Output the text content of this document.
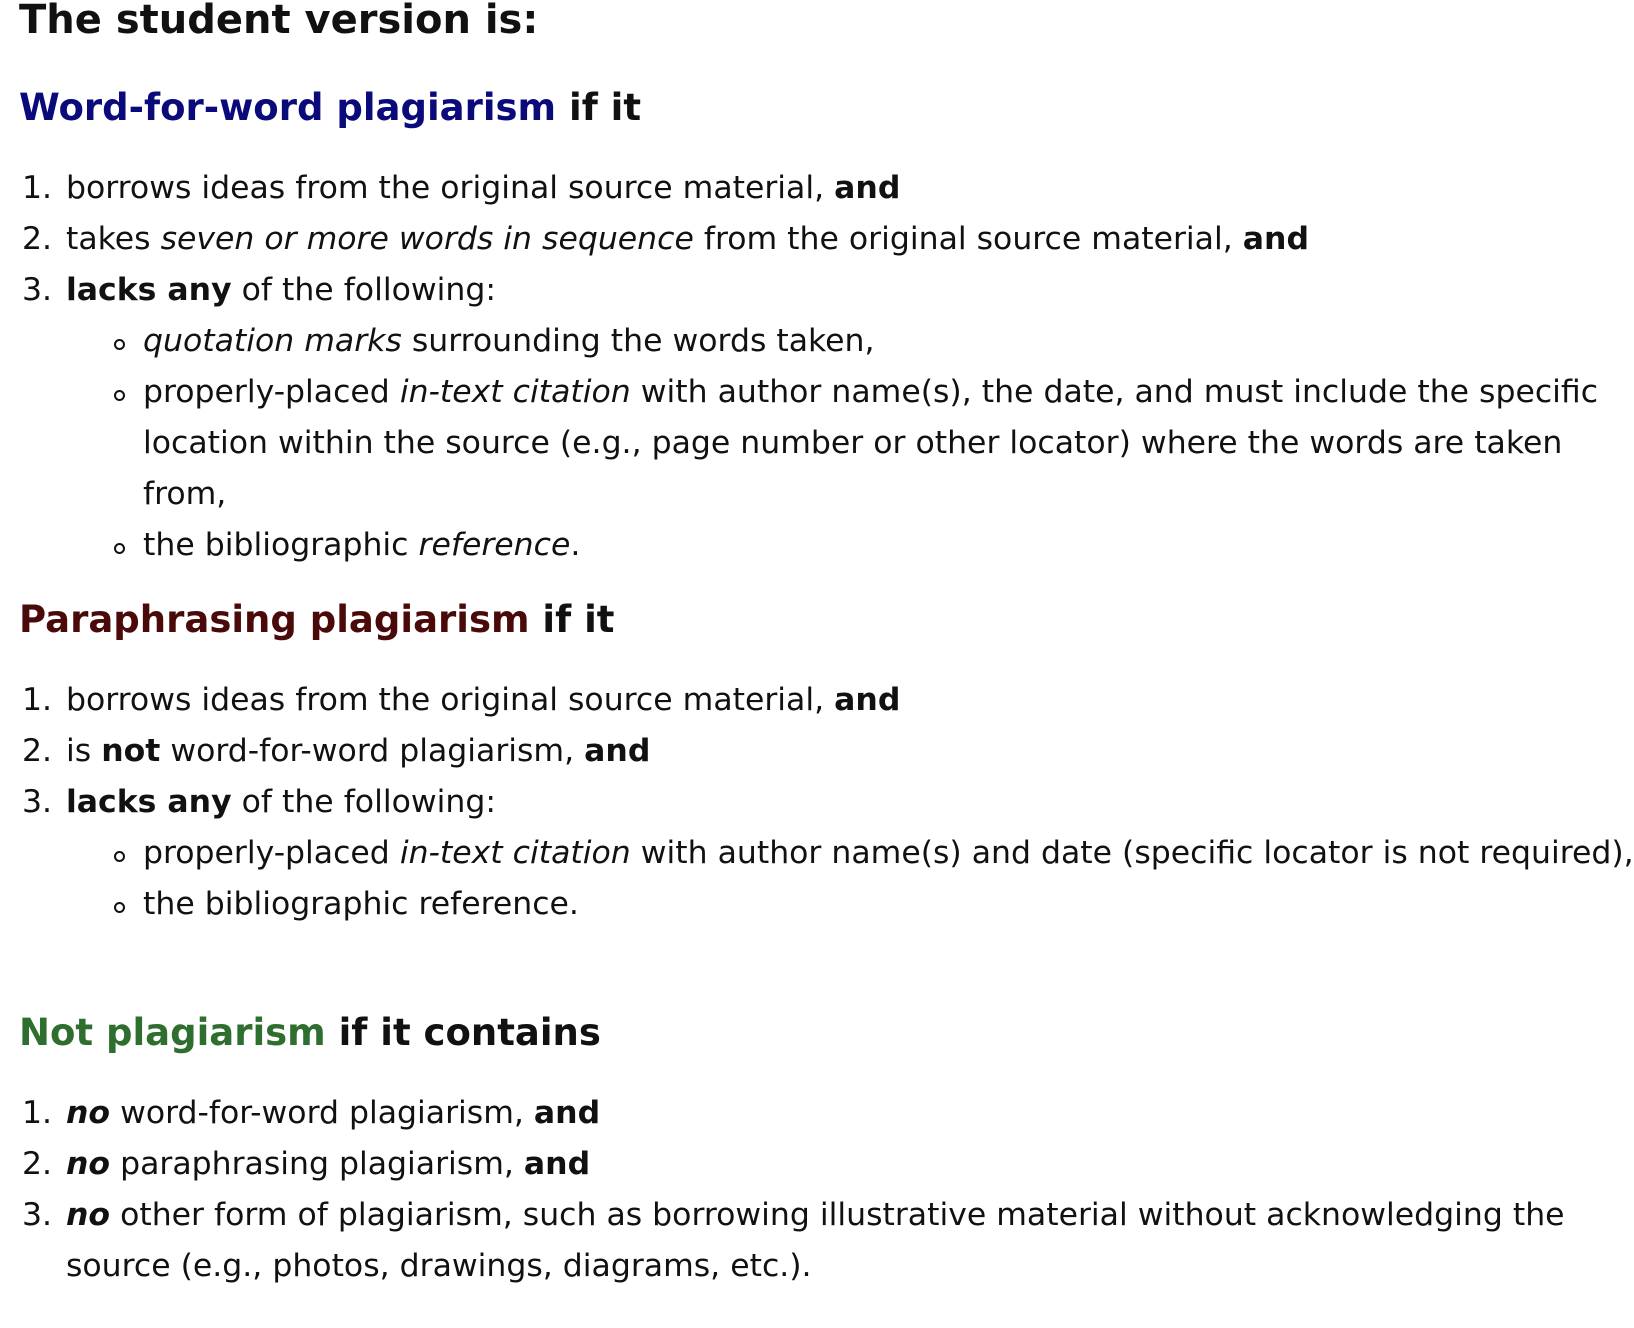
The student version is:
Word-for-word plagiarism if it
1. borrows ideas from the original source material, and
2. takes seven or more words in sequence from the original source material, and
3. lacks any of the following:
quotation marks surrounding the words taken,
properly-placed in-text citation with author name(s), the date, and must include the specific location within the source (e.g., page number or other locator) where the words are taken from,
the bibliographic reference.
Paraphrasing plagiarism if it
1. borrows ideas from the original source material, and
2. is not word-for-word plagiarism, and
3. lacks any of the following:
properly-placed in-text citation with author name(s) and date (specific locator is not required),
the bibliographic reference.
Not plagiarism if it contains
1. no word-for-word plagiarism, and
2. no paraphrasing plagiarism, and
3. no other form of plagiarism, such as borrowing illustrative material without acknowledging the source (e.g., photos, drawings, diagrams, etc.).
